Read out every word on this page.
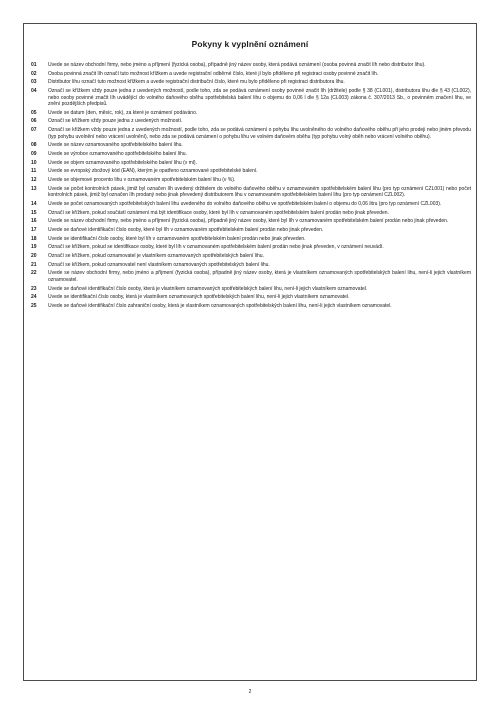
Pokyny k vyplnění oznámení
01	Uvede se název obchodní firmy, nebo jméno a příjmení (fyzická osoba), případně jiný název osoby, která podává oznámení (osoba povinná značit líh nebo distributor lihu).
02	Osoba povinná značit líh označí tuto možnost křížkem a uvede registrační odběrné číslo, které jí bylo přiděleno při registraci osoby povinné značit líh.
03	Distributor lihu označí tuto možnost křížkem a uvede registrační distribuční číslo, které mu bylo přiděleno při registraci distributora lihu.
04	Označí se křížkem vždy pouze jedna z uvedených možností, podle toho, zda se podává oznámení osoby povinné značit líh (držitele) podle § 38 (CL001), distributora lihu dle § 43 (CL002), nebo osoby povinné značit líh uvádějící do volného daňového oběhu spotřebitelská balení lihu o objemu do 0,06 l dle § 12a (CL003) zákona č. 307/2013 Sb., o povinném značení lihu, ve znění pozdějších předpisů.
05	Uvede se datum (den, měsíc, rok), za které je oznámení podáváno.
06	Označí se křížkem vždy pouze jedna z uvedených možností.
07	Označí se křížkem vždy pouze jedna z uvedených možností, podle toho, zda se podává oznámení o pohybu lihu uvolněného do volného daňového oběhu při jeho prodeji nebo jiném převodu (typ pohybu uvolnění nebo vrácení uvolnění), nebo zda se podává oznámení o pohybu lihu ve volném daňovém oběhu (typ pohybu volný oběh nebo vrácení volného oběhu).
08	Uvede se název oznamovaného spotřebitelského balení lihu.
09	Uvede se výrobce oznamovaného spotřebitelského balení lihu.
10	Uvede se objem oznamovaného spotřebitelského balení lihu (v ml).
11	Uvede se evropský zbožový kód (EAN), kterým je opatřeno oznamované spotřebitelské balení.
12	Uvede se objemové procento lihu v oznamovaném spotřebitelském balení lihu (v %).
13	Uvede se počet kontrolních pásek, jimiž byl označen líh uvedený držitelem do volného daňového oběhu v oznamovaném spotřebitelském balení lihu (pro typ oznámení CZL001) nebo počet kontrolních pásek, jimiž byl označen líh prodaný nebo jinak převedený distributorem lihu v oznamovaném spotřebitelském balení lihu (pro typ oznámení CZL002).
14	Uvede se počet oznamovaných spotřebitelských balení lihu uvedeného do volného daňového oběhu ve spotřebitelském balení o objemu do 0,06 litru (pro typ oznámení CZL003).
15	Označí se křížkem, pokud součástí oznámení má být identifikace osoby, které byl líh v oznamovaném spotřebitelském balení prodán nebo jinak převeden.
16	Uvede se název obchodní firmy, nebo jméno a příjmení (fyzická osoba), případně jiný název osoby, které byl líh v oznamovaném spotřebitelském balení prodán nebo jinak převeden.
17	Uvede se daňové identifikační číslo osoby, které byl líh v oznamovaném spotřebitelském balení prodán nebo jinak převeden.
18	Uvede se identifikační číslo osoby, které byl líh v oznamovaném spotřebitelském balení prodán nebo jinak převeden.
19	Označí se křížkem, pokud se identifikace osoby, které byl líh v oznamovaném spotřebitelském balení prodán nebo jinak převeden, v oznámení neuvádí.
20	Označí se křížkem, pokud oznamovatel je vlastníkem oznamovaných spotřebitelských balení lihu.
21	Označí se křížkem, pokud oznamovatel není vlastníkem oznamovaných spotřebitelských balení lihu.
22	Uvede se název obchodní firmy, nebo jméno a příjmení (fyzická osoba), případně jiný název osoby, která je vlastníkem oznamovaných spotřebitelských balení lihu, není-li jejich vlastníkem oznamovatel.
23	Uvede se daňové identifikační číslo osoby, která je vlastníkem oznamovaných spotřebitelských balení lihu, není-li jejich vlastníkem oznamovatel.
24	Uvede se identifikační číslo osoby, která je vlastníkem oznamovaných spotřebitelských balení lihu, není-li jejich vlastníkem oznamovatel.
25	Uvede se daňové identifikační číslo zahraniční osoby, která je vlastníkem oznamovaných spotřebitelských balení lihu, není-li jejich vlastníkem oznamovatel.
2
